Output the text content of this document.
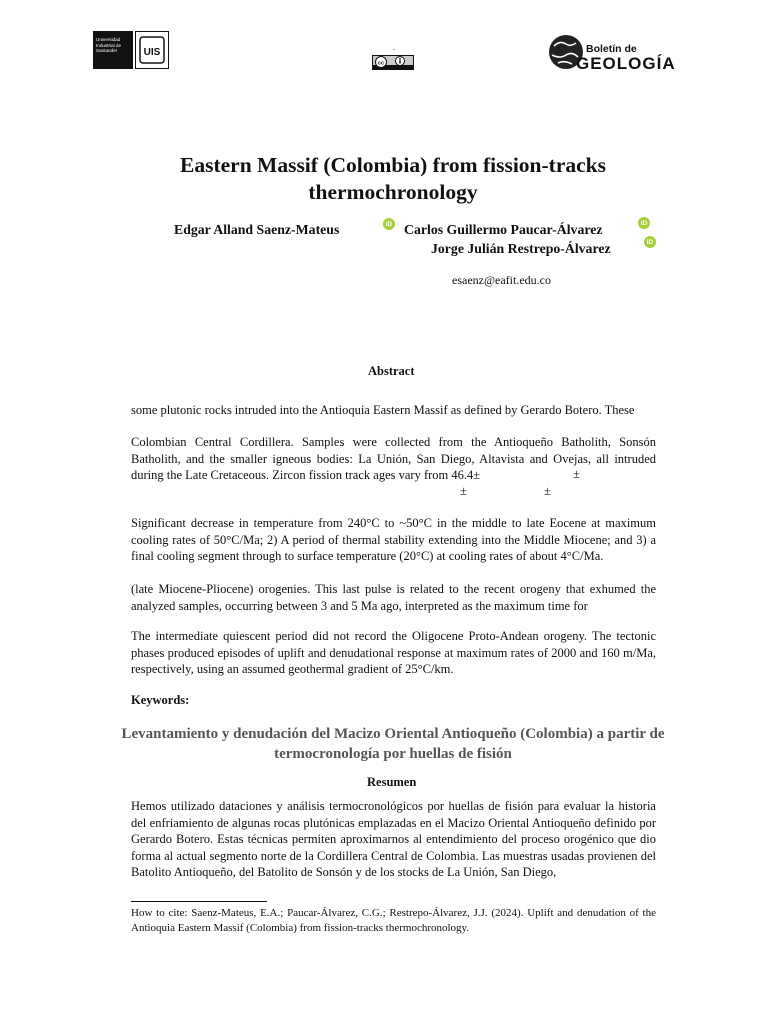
Universidad
Industrial de
Santander	UIS	.
cc
Boletín de
GEOLOGÍA
Eastern Massif (Colombia) from fission-tracks thermochronology
Edgar Alland Saenz-Mateus	iD Carlos Guillermo Paucar-Álvarez	iD
Jorge Julián Restrepo-Álvarez	iD
esaenz@eafit.edu.co
Abstract
some plutonic rocks intruded into the Antioquia Eastern Massif as defined by Gerardo Botero. These
Colombian Central Cordillera. Samples were collected from the Antioqueño Batholith, Sonsón Batholith, and the smaller igneous bodies: La Unión, San Diego, Altavista and Ovejas, all intruded during the Late Cretaceous. Zircon fission track ages vary from 46.4±	±
±	±
Significant decrease in temperature from 240°C to ~50°C in the middle to late Eocene at maximum cooling rates of 50°C/Ma; 2) A period of thermal stability extending into the Middle Miocene; and 3) a final cooling segment through to surface temperature (20°C) at cooling rates of about 4°C/Ma.
(late Miocene-Pliocene) orogenies. This last pulse is related to the recent orogeny that exhumed the analyzed samples, occurring between 3 and 5 Ma ago, interpreted as the maximum time for
The intermediate quiescent period did not record the Oligocene Proto-Andean orogeny. The tectonic phases produced episodes of uplift and denudational response at maximum rates of 2000 and 160 m/Ma, respectively, using an assumed geothermal gradient of 25°C/km.
Keywords:
Levantamiento y denudación del Macizo Oriental Antioqueño (Colombia) a partir de termocronología por huellas de fisión
Resumen
Hemos utilizado dataciones y análisis termocronológicos por huellas de fisión para evaluar la historia del enfriamiento de algunas rocas plutónicas emplazadas en el Macizo Oriental Antioqueño definido por Gerardo Botero. Estas técnicas permiten aproximarnos al entendimiento del proceso orogénico que dio forma al actual segmento norte de la Cordillera Central de Colombia. Las muestras usadas provienen del Batolito Antioqueño, del Batolito de Sonsón y de los stocks de La Unión, San Diego,
How to cite: Saenz-Mateus, E.A.; Paucar-Álvarez, C.G.; Restrepo-Álvarez, J.J. (2024). Uplift and denudation of the Antioquia Eastern Massif (Colombia) from fission-tracks thermochronology.
